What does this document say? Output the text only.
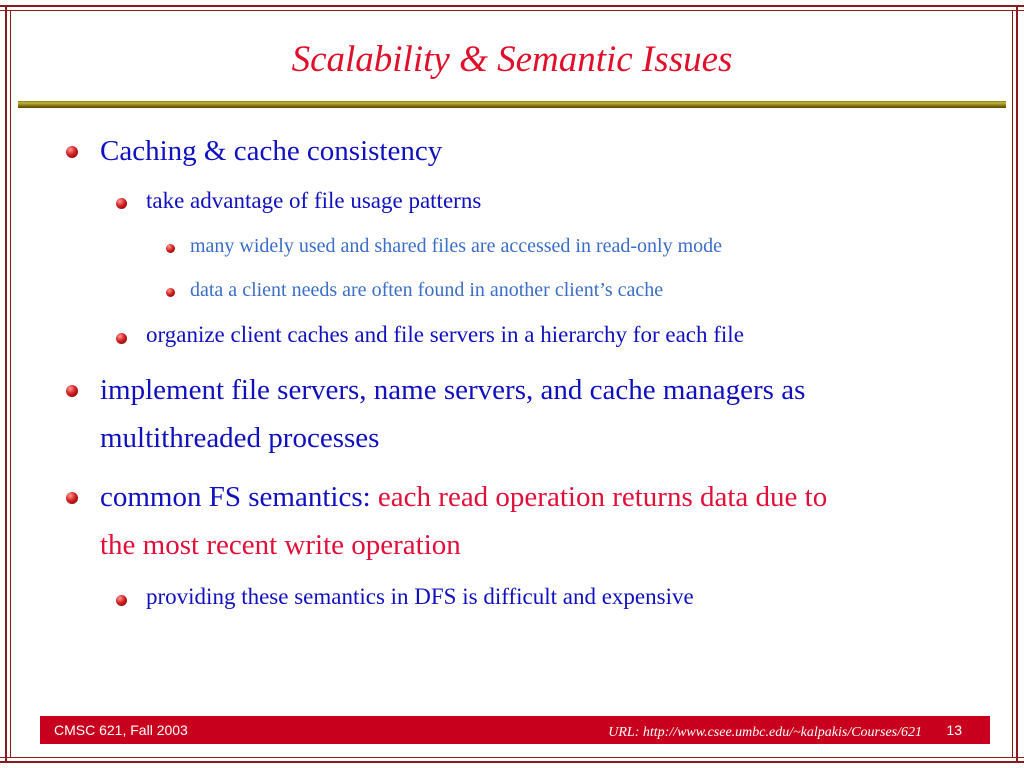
Scalability & Semantic Issues
Caching & cache consistency
take advantage of file usage patterns
many widely used and shared files are accessed in read-only mode
data a client needs are often found in another client’s cache
organize client caches and file servers in a hierarchy for each file
implement file servers, name servers, and cache managers as
multithreaded processes
common FS semantics: each read operation returns data due to
the most recent write operation
providing these semantics in DFS is difficult and expensive
CMSC 621, Fall 2003	URL: http://www.csee.umbc.edu/~kalpakis/Courses/621 13
